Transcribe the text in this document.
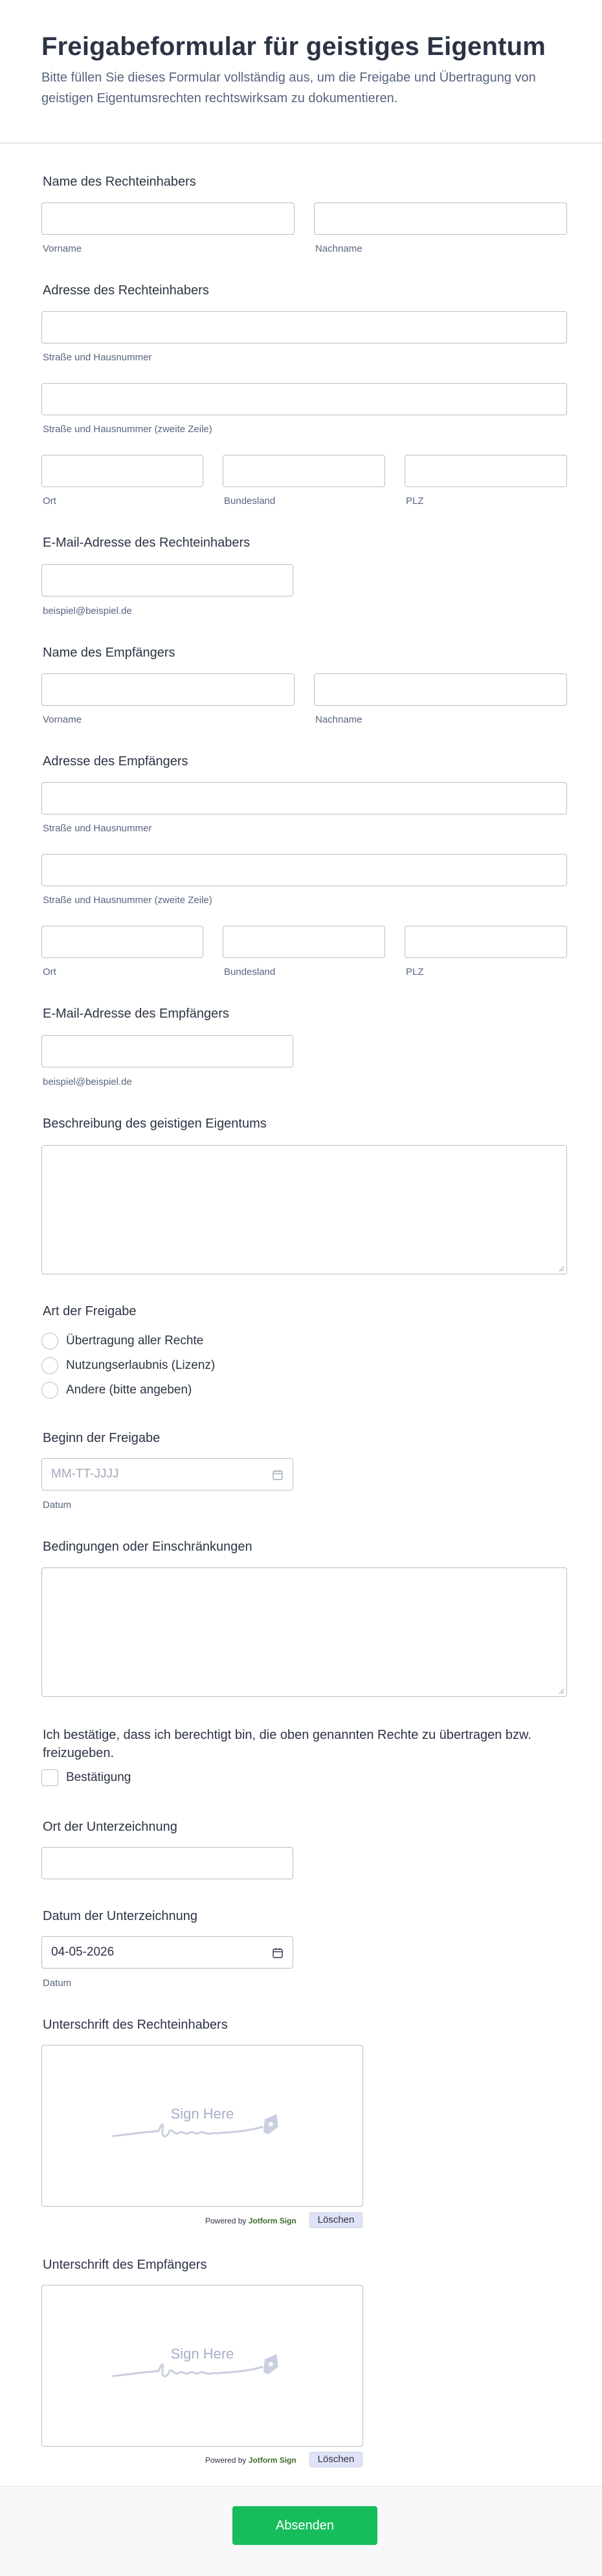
Freigabeformular für geistiges Eigentum

Bitte füllen Sie dieses Formular vollständig aus, um die Freigabe und Übertragung von geistigen Eigentumsrechten rechtswirksam zu dokumentieren.

Name des Rechteinhabers
Vorname	Nachname
Adresse des Rechteinhabers
Straße und Hausnummer
Straße und Hausnummer (zweite Zeile)
Ort	Bundesland	PLZ
E-Mail-Adresse des Rechteinhabers
beispiel@beispiel.de
Name des Empfängers
Vorname	Nachname
Adresse des Empfängers
Straße und Hausnummer
Straße und Hausnummer (zweite Zeile)
Ort	Bundesland	PLZ
E-Mail-Adresse des Empfängers
beispiel@beispiel.de
Beschreibung des geistigen Eigentums
Art der Freigabe
Übertragung aller Rechte
Nutzungserlaubnis (Lizenz)
Andere (bitte angeben)
Beginn der Freigabe
MM-TT-JJJJ
Datum
Bedingungen oder Einschränkungen
Ich bestätige, dass ich berechtigt bin, die oben genannten Rechte zu übertragen bzw. freizugeben.
Bestätigung
Ort der Unterzeichnung
Datum der Unterzeichnung
04-05-2026
Datum
Unterschrift des Rechteinhabers
Sign Here
Powered by Jotform Sign	Löschen
Unterschrift des Empfängers
Sign Here
Powered by Jotform Sign	Löschen
Absenden
